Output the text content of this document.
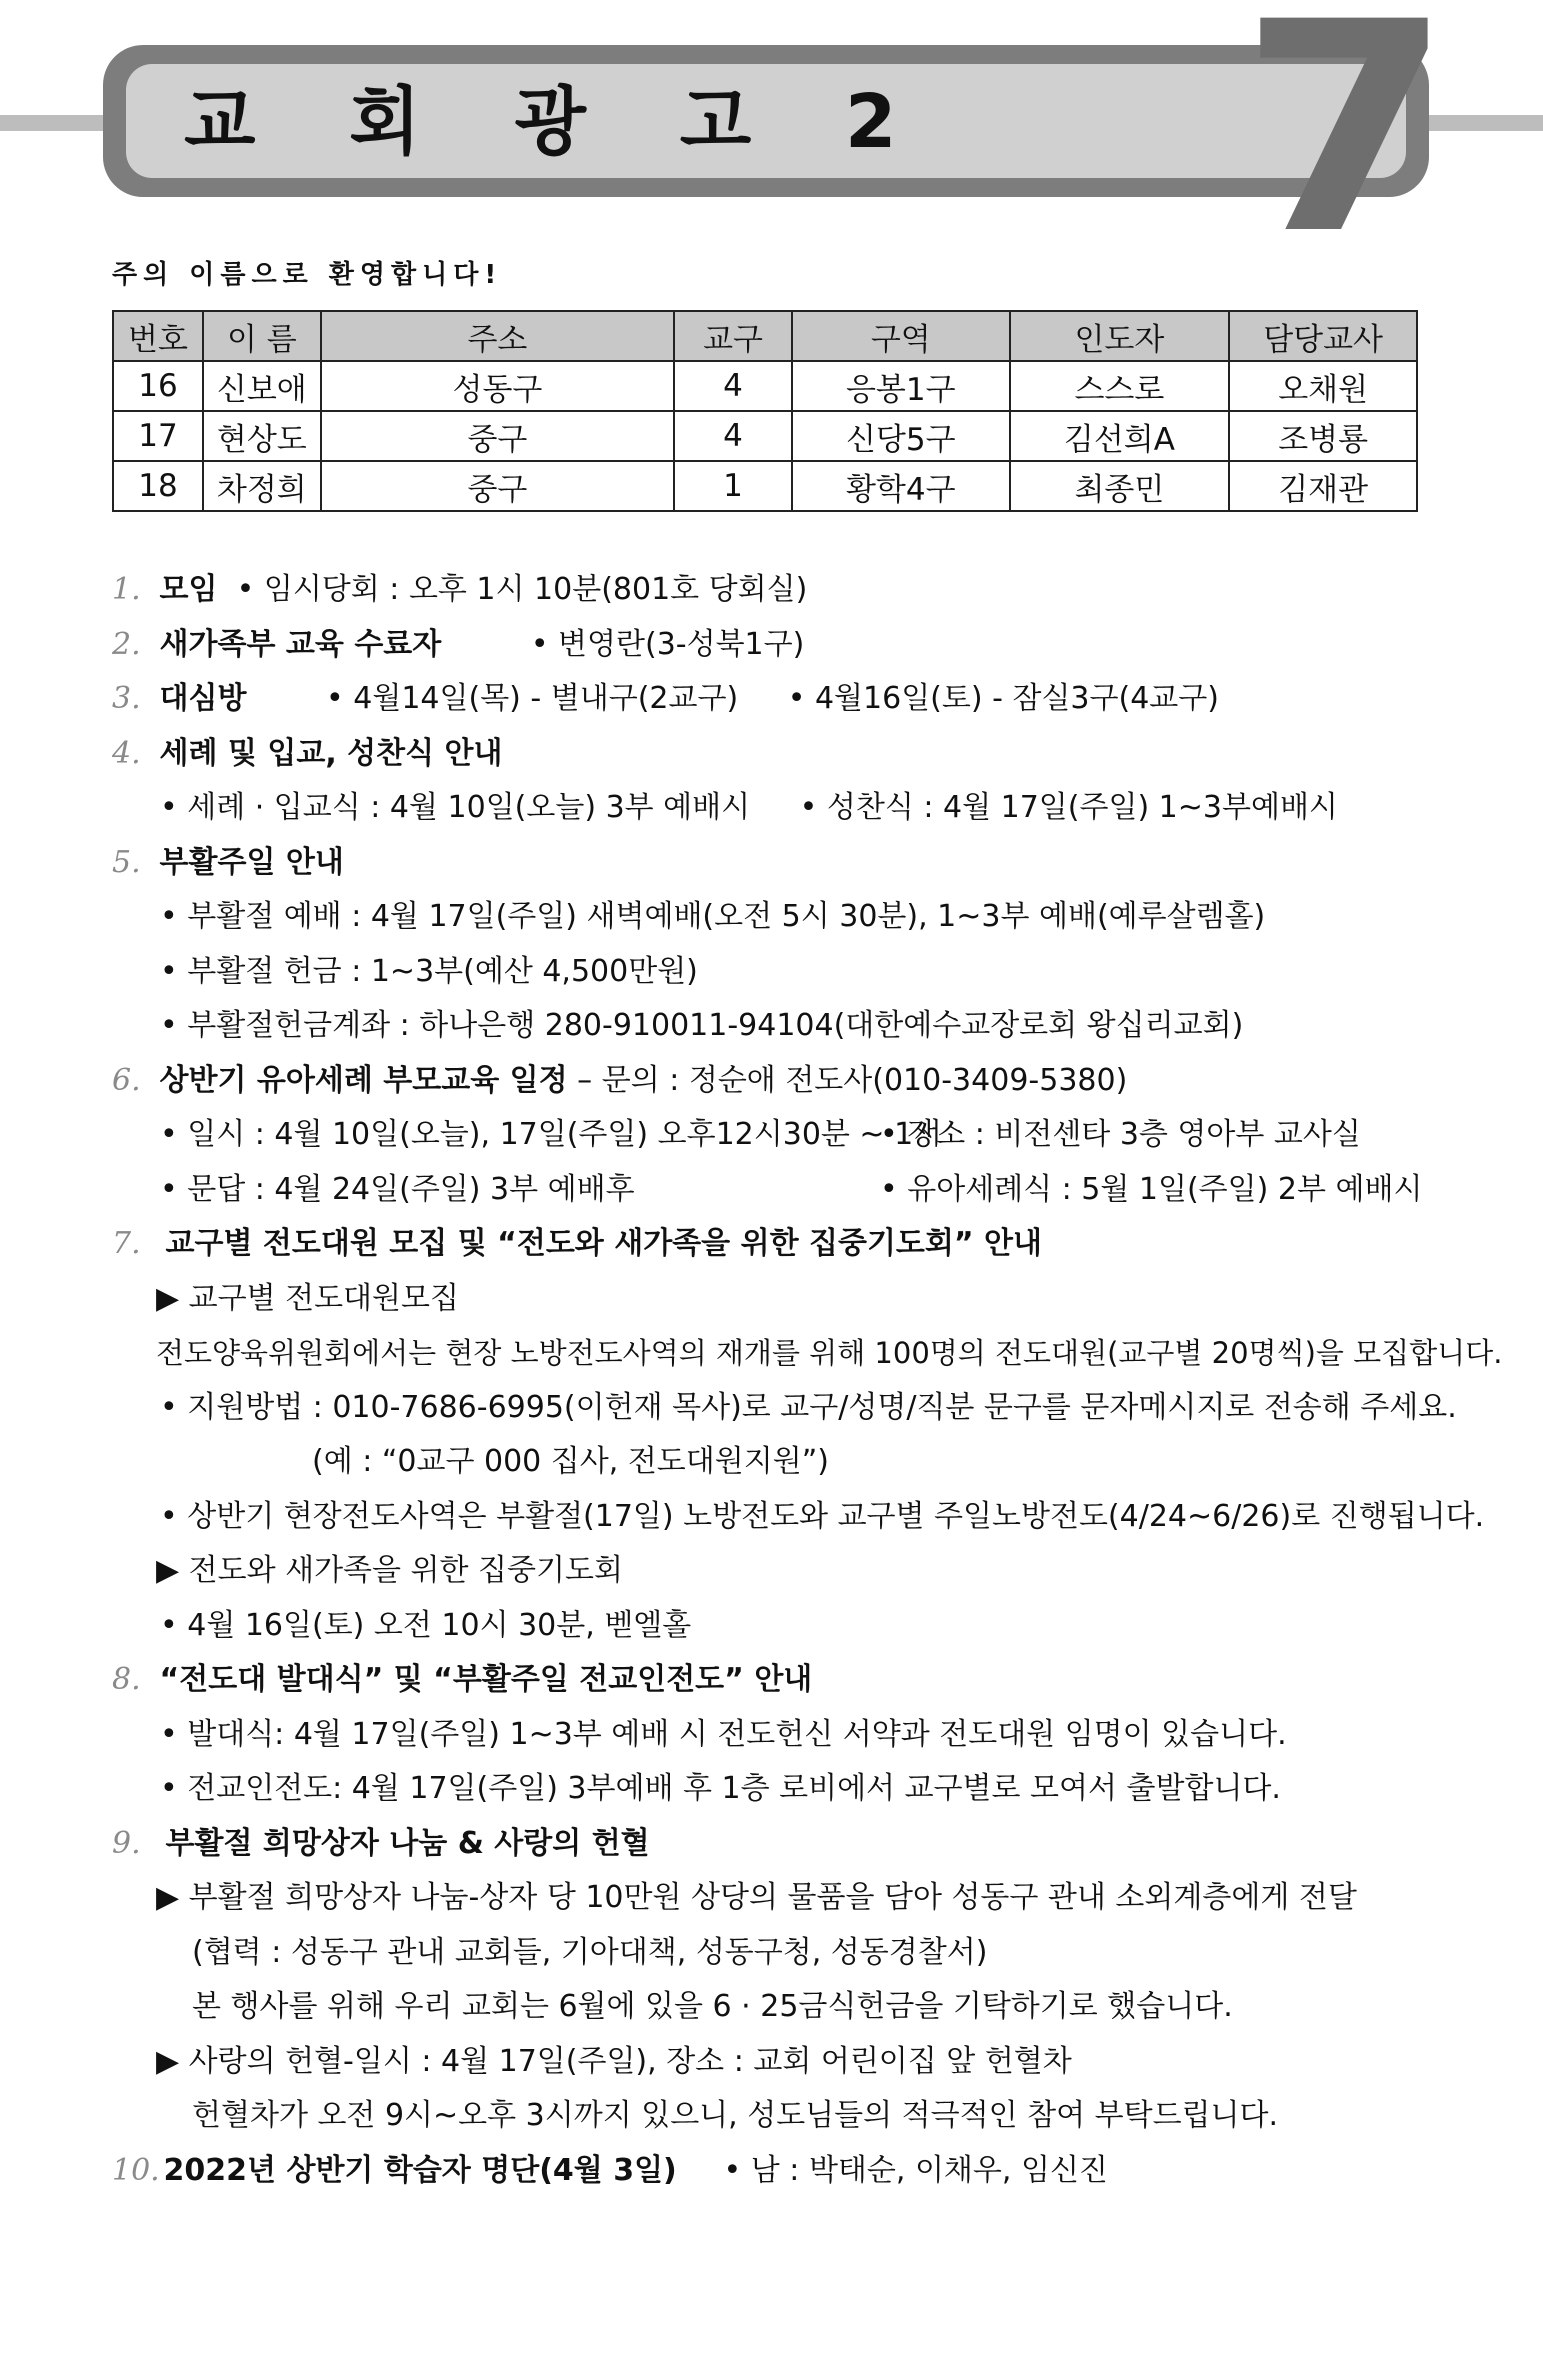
교 회 광 고 2 7
주의 이름으로 환영합니다!
번호	이 름	주소	교구	구역	인도자	담당교사
16	신보애	성동구	4	응봉1구	스스로	오채원
17	현상도	중구	4	신당5구	김선희A	조병룡
18	차정희	중구	1	황학4구	최종민	김재관
1. 모임 • 임시당회 : 오후 1시 10분(801호 당회실)
2. 새가족부 교육 수료자	• 변영란(3-성북1구)
3. 대심방	• 4월14일(목) - 별내구(2교구) • 4월16일(토) - 잠실3구(4교구)
4. 세례 및 입교, 성찬식 안내
• 세례 · 입교식 : 4월 10일(오늘) 3부 예배시 • 성찬식 : 4월 17일(주일) 1~3부예배시
5. 부활주일 안내
• 부활절 예배 : 4월 17일(주일) 새벽예배(오전 5시 30분), 1~3부 예배(예루살렘홀)
• 부활절 헌금 : 1~3부(예산 4,500만원)
• 부활절헌금계좌 : 하나은행 280-910011-94104(대한예수교장로회 왕십리교회)
6. 상반기 유아세례 부모교육 일정 – 문의 : 정순애 전도사(010-3409-5380)
• 일시 : 4월 10일(오늘), 17일(주일) 오후12시30분 ~ 1시• 장소 : 비전센타 3층 영아부 교사실
• 문답 : 4월 24일(주일) 3부 예배후	• 유아세례식 : 5월 1일(주일) 2부 예배시
7. 교구별 전도대원 모집 및 “전도와 새가족을 위한 집중기도회” 안내
▶ 교구별 전도대원모집
전도양육위원회에서는 현장 노방전도사역의 재개를 위해 100명의 전도대원(교구별 20명씩)을 모집합니다.
• 지원방법 : 010-7686-6995(이헌재 목사)로 교구/성명/직분 문구를 문자메시지로 전송해 주세요.
(예 : “0교구 000 집사, 전도대원지원”)
• 상반기 현장전도사역은 부활절(17일) 노방전도와 교구별 주일노방전도(4/24~6/26)로 진행됩니다.
▶ 전도와 새가족을 위한 집중기도회
• 4월 16일(토) 오전 10시 30분, 벧엘홀
8. “전도대 발대식” 및 “부활주일 전교인전도” 안내
• 발대식: 4월 17일(주일) 1~3부 예배 시 전도헌신 서약과 전도대원 임명이 있습니다.
• 전교인전도: 4월 17일(주일) 3부예배 후 1층 로비에서 교구별로 모여서 출발합니다.
9. 부활절 희망상자 나눔 & 사랑의 헌혈
▶ 부활절 희망상자 나눔-상자 당 10만원 상당의 물품을 담아 성동구 관내 소외계층에게 전달
(협력 : 성동구 관내 교회들, 기아대책, 성동구청, 성동경찰서)
본 행사를 위해 우리 교회는 6월에 있을 6 · 25금식헌금을 기탁하기로 했습니다.
▶ 사랑의 헌혈-일시 : 4월 17일(주일), 장소 : 교회 어린이집 앞 헌혈차
헌혈차가 오전 9시~오후 3시까지 있으니, 성도님들의 적극적인 참여 부탁드립니다.
10. 2022년 상반기 학습자 명단(4월 3일) • 남 : 박태순, 이채우, 임신진
